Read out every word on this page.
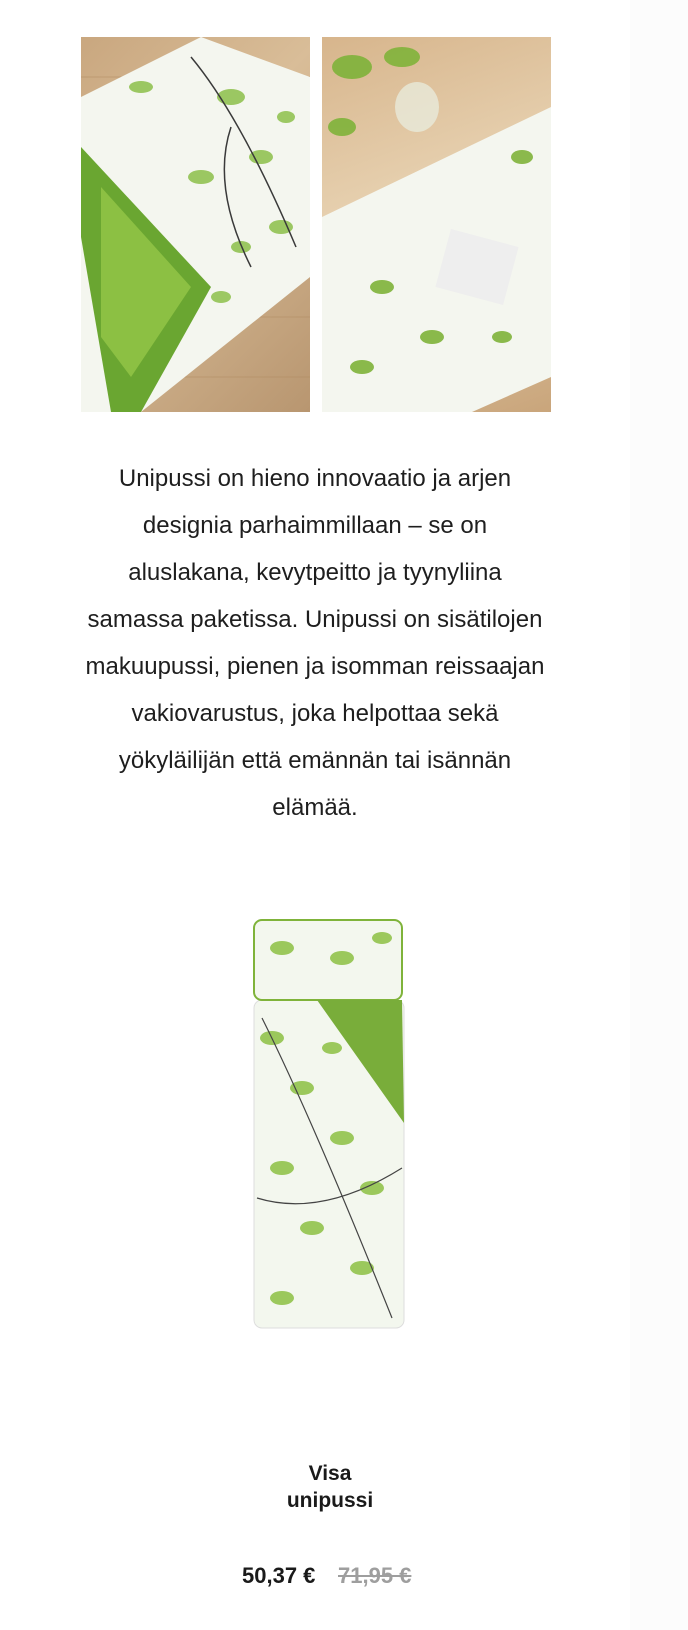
Unipussi on hieno innovaatio ja arjen designia parhaimmillaan – se on aluslakana, kevytpeitto ja tyynyliina samassa paketissa. Unipussi on sisätilojen makuupussi, pienen ja isomman reissaajan vakiovarustus, joka helpottaa sekä yökyläilijän että emännän tai isännän elämää.
Visa
unipussi
50,37 € 71,95 €
